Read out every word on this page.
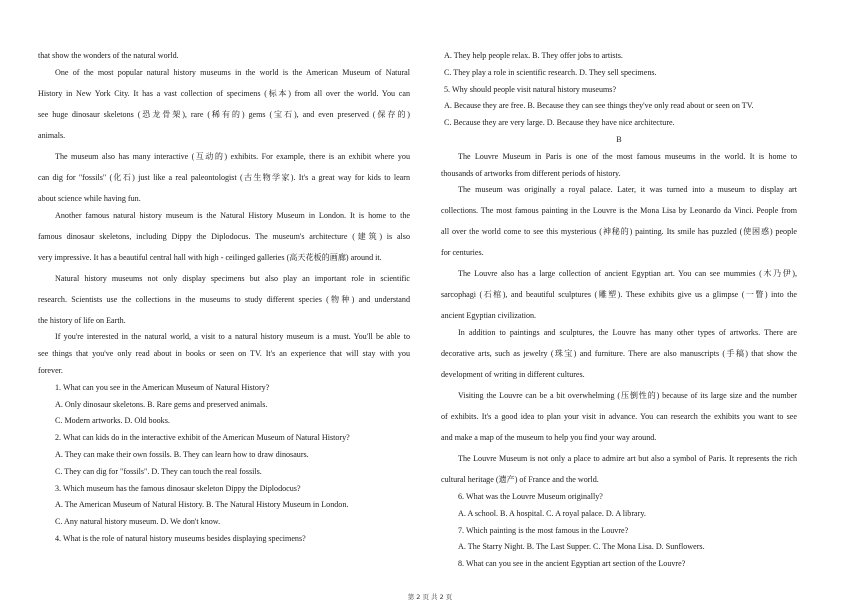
that show the wonders of the natural world.
One of the most popular natural history museums in the world is the American Museum of Natural
History in New York City. It has a vast collection of specimens (标本) from all over the world. You can
see huge dinosaur skeletons (恐龙骨架), rare (稀有的) gems (宝石), and even preserved (保存的)
animals.
The museum also has many interactive (互动的) exhibits. For example, there is an exhibit where you
can dig for "fossils" (化石) just like a real paleontologist (古生物学家). It's a great way for kids to learn
about science while having fun.
Another famous natural history museum is the Natural History Museum in London. It is home to the
famous dinosaur skeletons, including Dippy the Diplodocus. The museum's architecture (建筑) is also
very impressive. It has a beautiful central hall with high - ceilinged galleries (高天花板的画廊) around it.
Natural history museums not only display specimens but also play an important role in scientific
research. Scientists use the collections in the museums to study different species (物种) and understand
the history of life on Earth.
If you're interested in the natural world, a visit to a natural history museum is a must. You'll be able to
see things that you've only read about in books or seen on TV. It's an experience that will stay with you
forever.
1. What can you see in the American Museum of Natural History?
A. Only dinosaur skeletons. B. Rare gems and preserved animals.
C. Modern artworks. D. Old books.
2. What can kids do in the interactive exhibit of the American Museum of Natural History?
A. They can make their own fossils. B. They can learn how to draw dinosaurs.
C. They can dig for "fossils". D. They can touch the real fossils.
3. Which museum has the famous dinosaur skeleton Dippy the Diplodocus?
A. The American Museum of Natural History. B. The Natural History Museum in London.
C. Any natural history museum. D. We don't know.
4. What is the role of natural history museums besides displaying specimens?
A. They help people relax. B. They offer jobs to artists.
C. They play a role in scientific research. D. They sell specimens.
5. Why should people visit natural history museums?
A. Because they are free. B. Because they can see things they've only read about or seen on TV.
C. Because they are very large. D. Because they have nice architecture.
B
The Louvre Museum in Paris is one of the most famous museums in the world. It is home to
thousands of artworks from different periods of history.
The museum was originally a royal palace. Later, it was turned into a museum to display art
collections. The most famous painting in the Louvre is the Mona Lisa by Leonardo da Vinci. People from
all over the world come to see this mysterious (神秘的) painting. Its smile has puzzled (使困惑) people
for centuries.
The Louvre also has a large collection of ancient Egyptian art. You can see mummies (木乃伊),
sarcophagi (石棺), and beautiful sculptures (雕塑). These exhibits give us a glimpse (一瞥) into the
ancient Egyptian civilization.
In addition to paintings and sculptures, the Louvre has many other types of artworks. There are
decorative arts, such as jewelry (珠宝) and furniture. There are also manuscripts (手稿) that show the
development of writing in different cultures.
Visiting the Louvre can be a bit overwhelming (压倒性的) because of its large size and the number
of exhibits. It's a good idea to plan your visit in advance. You can research the exhibits you want to see
and make a map of the museum to help you find your way around.
The Louvre Museum is not only a place to admire art but also a symbol of Paris. It represents the rich
cultural heritage (遗产) of France and the world.
6. What was the Louvre Museum originally?
A. A school. B. A hospital. C. A royal palace. D. A library.
7. Which painting is the most famous in the Louvre?
A. The Starry Night. B. The Last Supper. C. The Mona Lisa. D. Sunflowers.
8. What can you see in the ancient Egyptian art section of the Louvre?
第 2 页 共 2 页
